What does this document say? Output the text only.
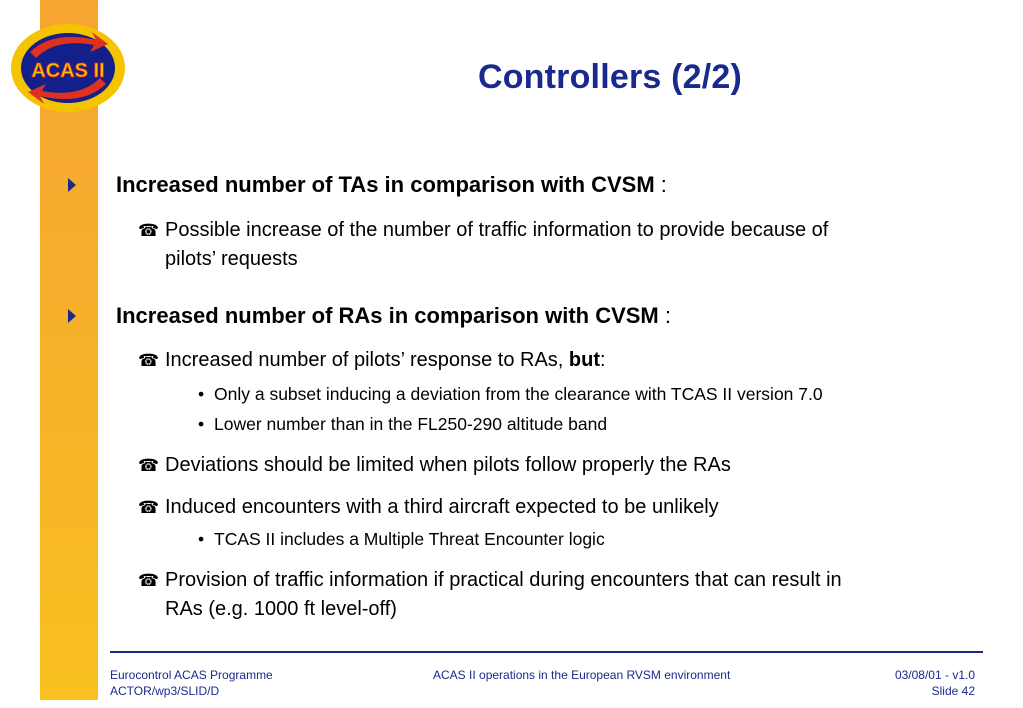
ACAS II	Controllers (2/2)
Increased number of TAs in comparison with CVSM :
☎ Possible increase of the number of traffic information to provide because of
pilots’ requests
Increased number of RAs in comparison with CVSM :
☎ Increased number of pilots’ response to RAs, but:
• Only a subset inducing a deviation from the clearance with TCAS II version 7.0
• Lower number than in the FL250-290 altitude band
☎ Deviations should be limited when pilots follow properly the RAs
☎ Induced encounters with a third aircraft expected to be unlikely
• TCAS II includes a Multiple Threat Encounter logic
☎ Provision of traffic information if practical during encounters that can result in
RAs (e.g. 1000 ft level-off)
Eurocontrol ACAS Programme
ACTOR/wp3/SLID/D
ACAS II operations in the European RVSM environment	03/08/01 - v1.0
Slide 42
